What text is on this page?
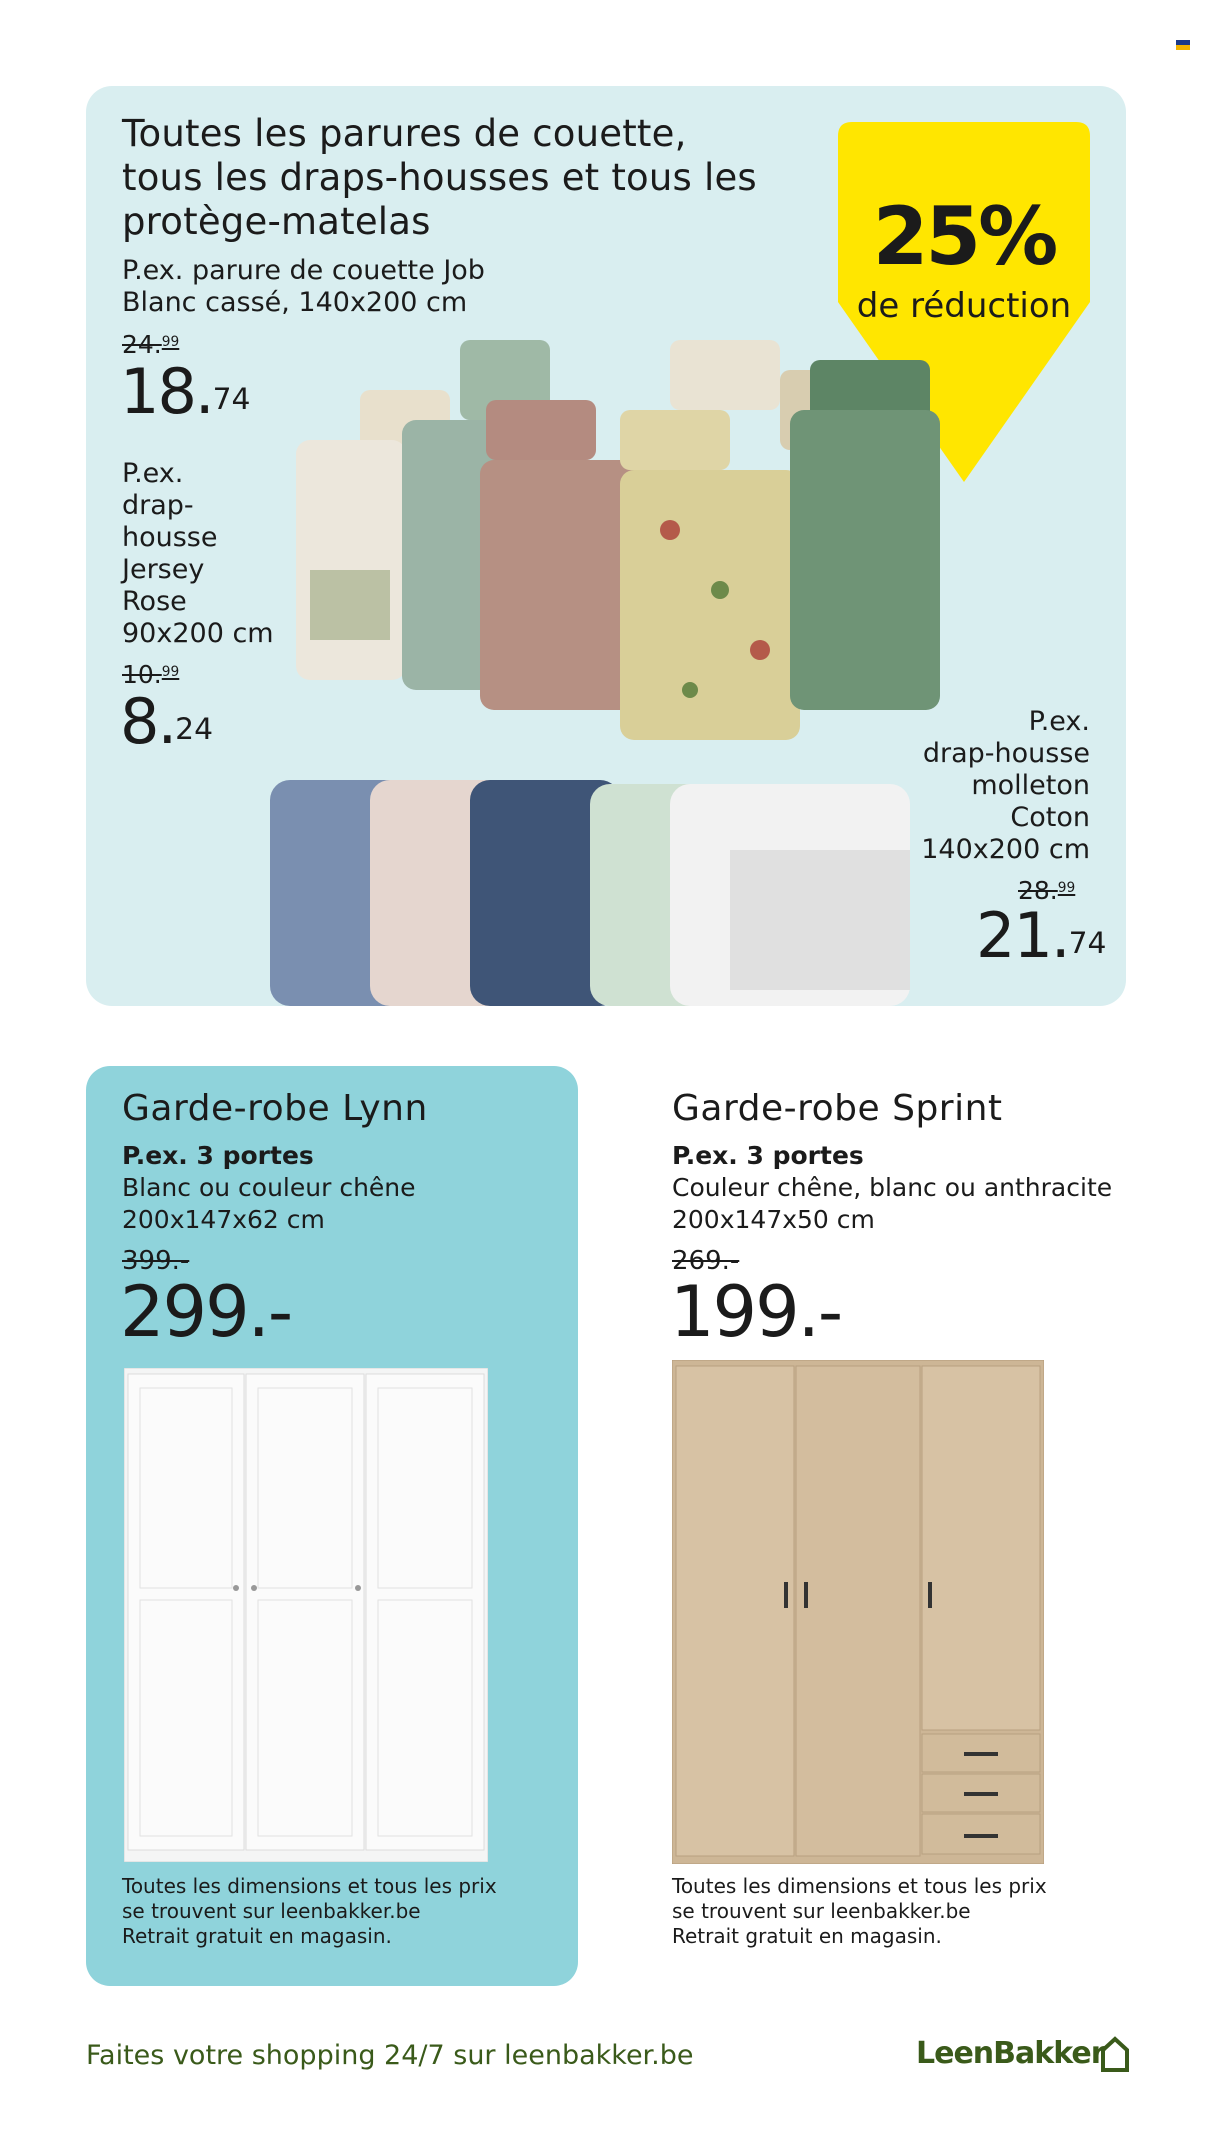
Toutes les parures de couette, tous les draps-housses et tous les protège-matelas	25%
de réduction
P.ex. parure de couette Job
Blanc cassé, 140x200 cm
24.99
18.74
P.ex.
drap-
housse
Jersey
Rose
90x200 cm
10.99
8.24	P.ex.
drap-housse
molleton
Coton
140x200 cm
28.99
21.74
Garde-robe Lynn
P.ex. 3 portes
Blanc ou couleur chêne
200x147x62 cm
399.-
299.-
Toutes les dimensions et tous les prix
se trouvent sur leenbakker.be
Retrait gratuit en magasin.
Garde-robe Sprint
P.ex. 3 portes
Couleur chêne, blanc ou anthracite
200x147x50 cm
269.-
199.-
Toutes les dimensions et tous les prix
se trouvent sur leenbakker.be
Retrait gratuit en magasin.
Faites votre shopping 24/7 sur leenbakker.be	LeenBakker
